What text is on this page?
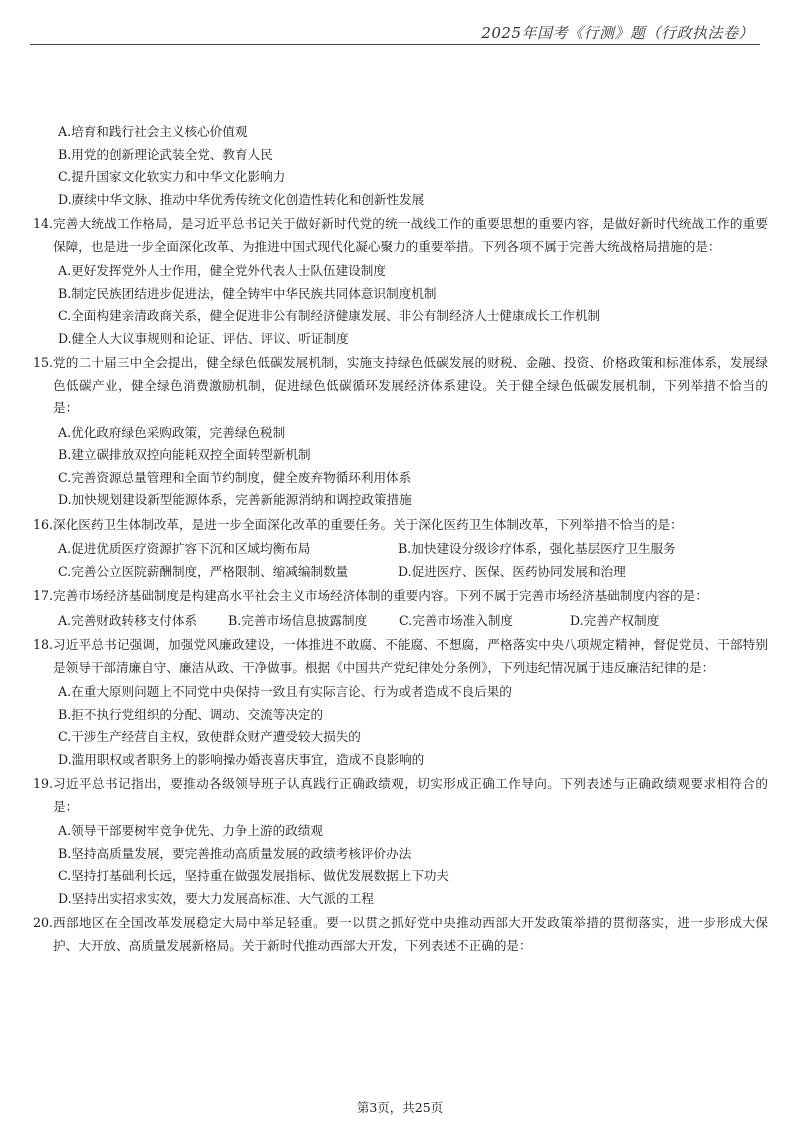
2025年国考《行测》题（行政执法卷）
A.培育和践行社会主义核心价值观
B.用党的创新理论武装全党、教育人民
C.提升国家文化软实力和中华文化影响力
D.赓续中华文脉、推动中华优秀传统文化创造性转化和创新性发展
14. 完善大统战工作格局，是习近平总书记关于做好新时代党的统一战线工作的重要思想的重要内容，是做好新时代统战工作的重要保障，也是进一步全面深化改革、为推进中国式现代化凝心聚力的重要举措。下列各项不属于完善大统战格局措施的是：
A.更好发挥党外人士作用，健全党外代表人士队伍建设制度
B.制定民族团结进步促进法，健全铸牢中华民族共同体意识制度机制
C.全面构建亲清政商关系，健全促进非公有制经济健康发展、非公有制经济人士健康成长工作机制
D.健全人大议事规则和论证、评估、评议、听证制度
15. 党的二十届三中全会提出，健全绿色低碳发展机制，实施支持绿色低碳发展的财税、金融、投资、价格政策和标准体系，发展绿色低碳产业，健全绿色消费激励机制，促进绿色低碳循环发展经济体系建设。关于健全绿色低碳发展机制，下列举措不恰当的是：
A.优化政府绿色采购政策，完善绿色税制
B.建立碳排放双控向能耗双控全面转型新机制
C.完善资源总量管理和全面节约制度，健全废弃物循环利用体系
D.加快规划建设新型能源体系，完善新能源消纳和调控政策措施
16. 深化医药卫生体制改革，是进一步全面深化改革的重要任务。关于深化医药卫生体制改革，下列举措不恰当的是：
A.促进优质医疗资源扩容下沉和区域均衡布局	B.加快建设分级诊疗体系，强化基层医疗卫生服务
C.完善公立医院薪酬制度，严格限制、缩减编制数量	D.促进医疗、医保、医药协同发展和治理
17. 完善市场经济基础制度是构建高水平社会主义市场经济体制的重要内容。下列不属于完善市场经济基础制度内容的是：
A.完善财政转移支付体系	B.完善市场信息披露制度	C.完善市场准入制度	D.完善产权制度
18. 习近平总书记强调，加强党风廉政建设，一体推进不敢腐、不能腐、不想腐，严格落实中央八项规定精神，督促党员、干部特别是领导干部清廉自守、廉洁从政、干净做事。根据《中国共产党纪律处分条例》，下列违纪情况属于违反廉洁纪律的是：
A.在重大原则问题上不同党中央保持一致且有实际言论、行为或者造成不良后果的
B.拒不执行党组织的分配、调动、交流等决定的
C.干涉生产经营自主权，致使群众财产遭受较大损失的
D.滥用职权或者职务上的影响操办婚丧喜庆事宜，造成不良影响的
19. 习近平总书记指出，要推动各级领导班子认真践行正确政绩观，切实形成正确工作导向。下列表述与正确政绩观要求相符合的是：
A.领导干部要树牢竞争优先、力争上游的政绩观
B.坚持高质量发展，要完善推动高质量发展的政绩考核评价办法
C.坚持打基础利长远，坚持重在做强发展指标、做优发展数据上下功夫
D.坚持出实招求实效，要大力发展高标准、大气派的工程
20. 西部地区在全国改革发展稳定大局中举足轻重。要一以贯之抓好党中央推动西部大开发政策举措的贯彻落实，进一步形成大保护、大开放、高质量发展新格局。关于新时代推动西部大开发，下列表述不正确的是：
第3页，共25页
